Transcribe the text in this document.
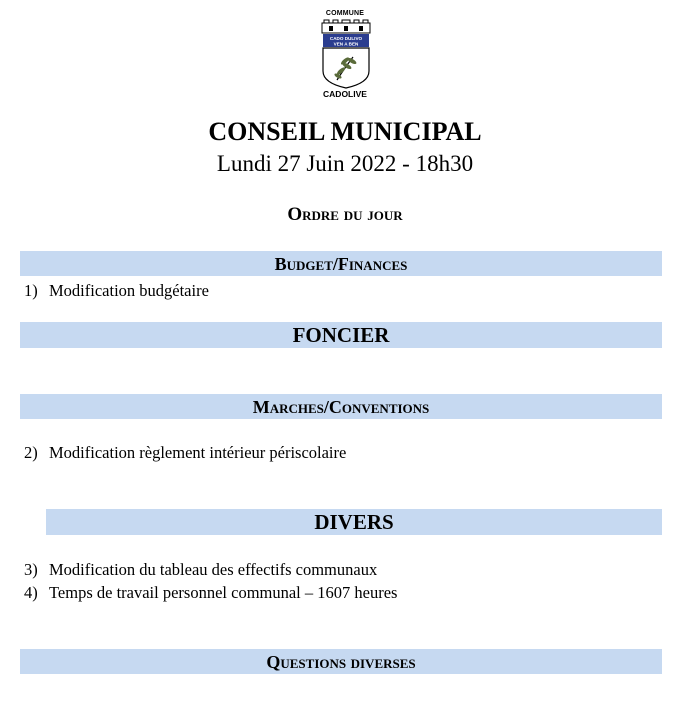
COMMUNE
CADO DULIVO
VEN A BEN
CADOLIVE
CONSEIL MUNICIPAL
Lundi 27 Juin 2022 - 18h30
Ordre du jour
Budget/Finances
1) Modification budgétaire
FONCIER
Marches/Conventions
2) Modification règlement intérieur périscolaire
DIVERS
3) Modification du tableau des effectifs communaux
4) Temps de travail personnel communal – 1607 heures
Questions diverses
